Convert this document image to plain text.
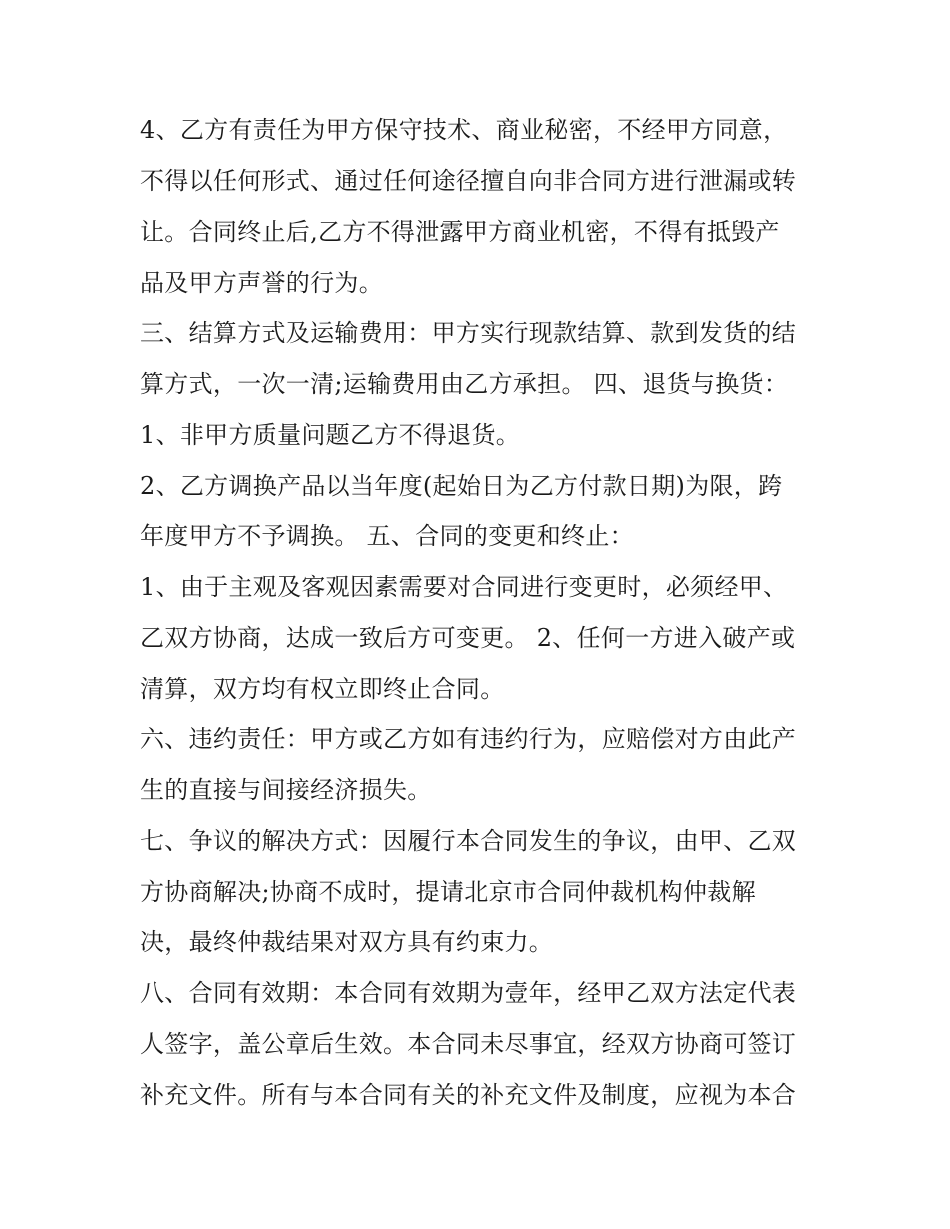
4、乙方有责任为甲方保守技术、商业秘密，不经甲方同意，
不得以任何形式、通过任何途径擅自向非合同方进行泄漏或转
让。合同终止后,乙方不得泄露甲方商业机密，不得有抵毁产
品及甲方声誉的行为。
三、结算方式及运输费用：甲方实行现款结算、款到发货的结
算方式，一次一清;运输费用由乙方承担。 四、退货与换货：
1、非甲方质量问题乙方不得退货。
2、乙方调换产品以当年度(起始日为乙方付款日期)为限，跨
年度甲方不予调换。 五、合同的变更和终止：
1、由于主观及客观因素需要对合同进行变更时，必须经甲、
乙双方协商，达成一致后方可变更。 2、任何一方进入破产或
清算，双方均有权立即终止合同。
六、违约责任：甲方或乙方如有违约行为，应赔偿对方由此产
生的直接与间接经济损失。
七、争议的解决方式：因履行本合同发生的争议，由甲、乙双
方协商解决;协商不成时，提请北京市合同仲裁机构仲裁解
决，最终仲裁结果对双方具有约束力。
八、合同有效期：本合同有效期为壹年，经甲乙双方法定代表
人签字，盖公章后生效。本合同未尽事宜，经双方协商可签订
补充文件。所有与本合同有关的补充文件及制度，应视为本合
